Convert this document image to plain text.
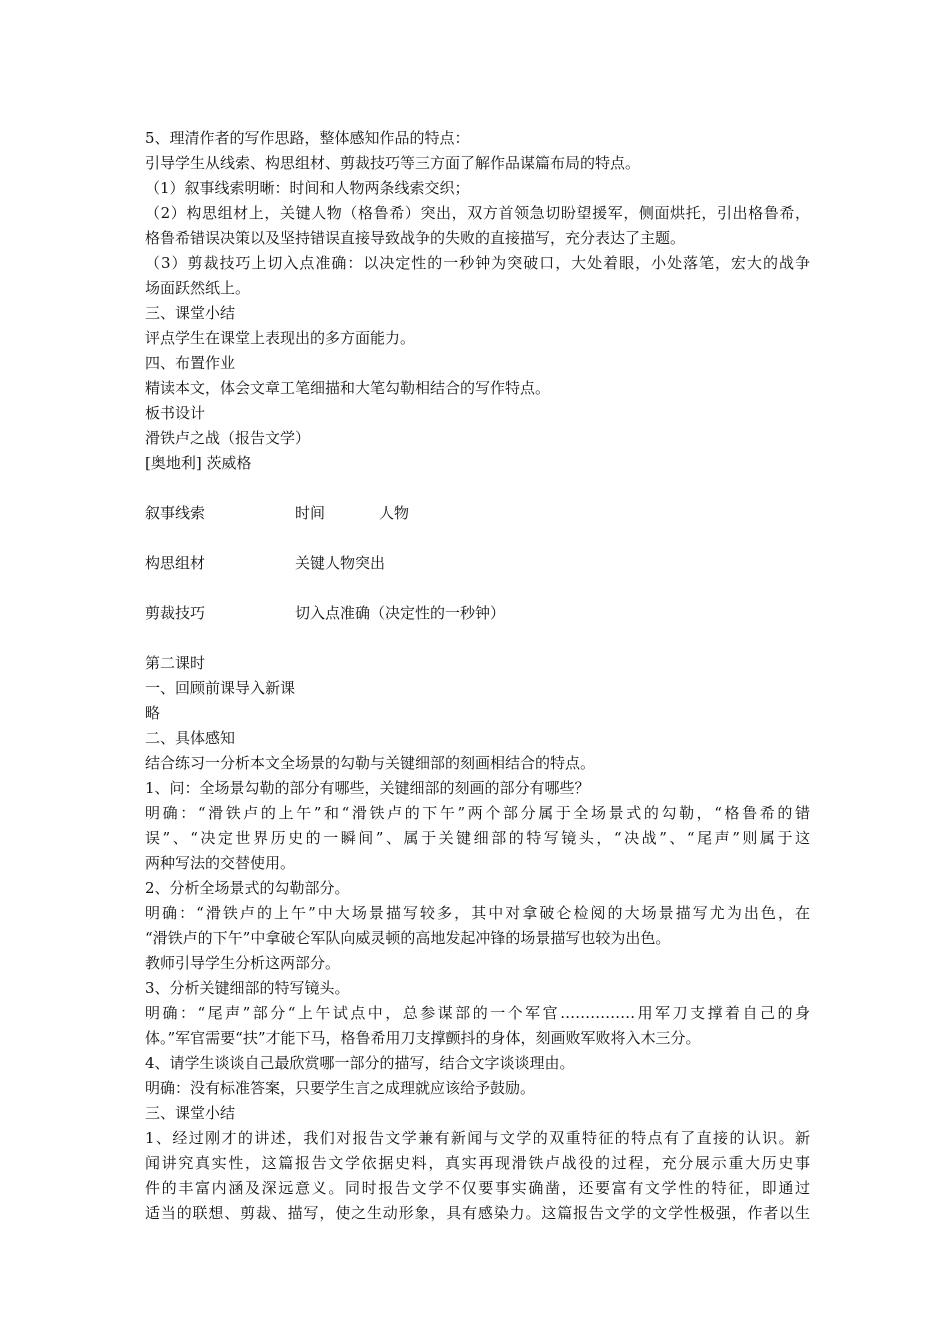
5、理清作者的写作思路，整体感知作品的特点：
引导学生从线索、构思组材、剪裁技巧等三方面了解作品谋篇布局的特点。
（1）叙事线索明晰：时间和人物两条线索交织；
（2）构思组材上，关键人物（格鲁希）突出，双方首领急切盼望援军，侧面烘托，引出格鲁希，
格鲁希错误决策以及坚持错误直接导致战争的失败的直接描写，充分表达了主题。
（3）剪裁技巧上切入点准确：以决定性的一秒钟为突破口，大处着眼，小处落笔，宏大的战争
场面跃然纸上。
三、课堂小结
评点学生在课堂上表现出的多方面能力。
四、布置作业
精读本文，体会文章工笔细描和大笔勾勒相结合的写作特点。
板书设计
滑铁卢之战（报告文学）
[奥地利] 茨威格
叙事线索	时间	人物
构思组材	关键人物突出
剪裁技巧	切入点准确（决定性的一秒钟）
第二课时
一、回顾前课导入新课
略
二、具体感知
结合练习一分析本文全场景的勾勒与关键细部的刻画相结合的特点。
1、问：全场景勾勒的部分有哪些，关键细部的刻画的部分有哪些？
明确：“滑铁卢的上午”和“滑铁卢的下午”两个部分属于全场景式的勾勒，“格鲁希的错
误”、“决定世界历史的一瞬间”、属于关键细部的特写镜头，“决战”、“尾声”则属于这
两种写法的交替使用。
2、分析全场景式的勾勒部分。
明确：“滑铁卢的上午”中大场景描写较多，其中对拿破仑检阅的大场景描写尤为出色，在
“滑铁卢的下午”中拿破仑军队向威灵顿的高地发起冲锋的场景描写也较为出色。
教师引导学生分析这两部分。
3、分析关键细部的特写镜头。
明确：“尾声”部分“上午试点中，总参谋部的一个军官……………用军刀支撑着自己的身
体。”军官需要“扶”才能下马，格鲁希用刀支撑颤抖的身体，刻画败军败将入木三分。
4、请学生谈谈自己最欣赏哪一部分的描写，结合文字谈谈理由。
明确：没有标准答案，只要学生言之成理就应该给予鼓励。
三、课堂小结
1、经过刚才的讲述，我们对报告文学兼有新闻与文学的双重特征的特点有了直接的认识。新
闻讲究真实性，这篇报告文学依据史料，真实再现滑铁卢战役的过程，充分展示重大历史事
件的丰富内涵及深远意义。同时报告文学不仅要事实确凿，还要富有文学性的特征，即通过
适当的联想、剪裁、描写，使之生动形象，具有感染力。这篇报告文学的文学性极强，作者以生
